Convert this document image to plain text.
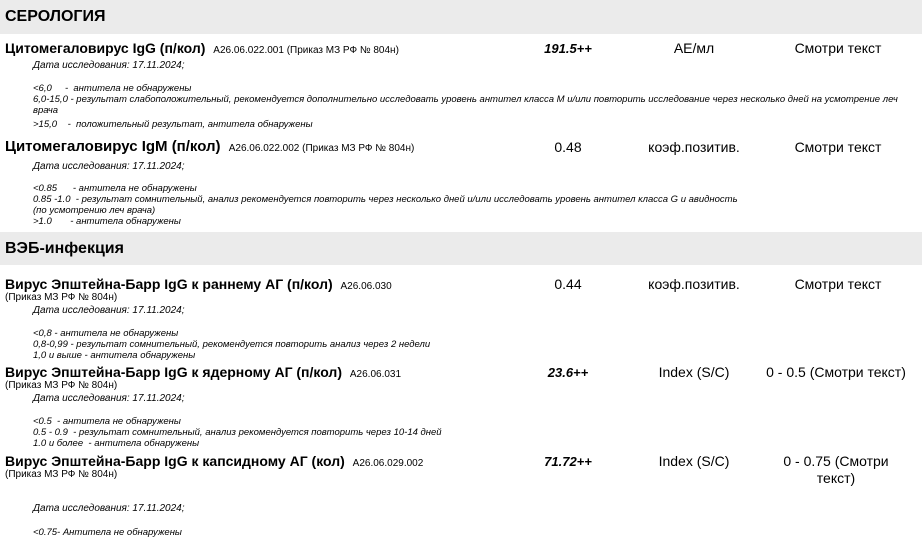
СЕРОЛОГИЯ
Цитомегаловирус IgG (п/кол) A26.06.022.001 (Приказ МЗ РФ № 804н)	191.5++	АЕ/мл	Смотри текст
Дата исследования: 17.11.2024;
<6,0     -  антитела не обнаружены
6,0-15,0 - результат слабоположительный, рекомендуется дополнительно исследовать уровень антител класса М и/или повторить исследование через несколько дней на усмотрение леч врача
>15,0    -  положительный результат, антитела обнаружены
Цитомегаловирус IgM (п/кол) A26.06.022.002 (Приказ МЗ РФ № 804н)	0.48	коэф.позитив.	Смотри текст
Дата исследования: 17.11.2024;
<0.85      - антитела не обнаружены
0.85 -1.0  - результат сомнительный, анализ рекомендуется повторить через несколько дней и/или исследовать уровень антител класса G и авидность
(по усмотрению леч врача)
>1.0       - антитела обнаружены
ВЭБ-инфекция
Вирус Эпштейна-Барр IgG к раннему АГ (п/кол) A26.06.030
(Приказ МЗ РФ № 804н)
0.44	коэф.позитив.	Смотри текст
Дата исследования: 17.11.2024;
<0,8 - антитела не обнаружены
0,8-0,99 - результат сомнительный, рекомендуется повторить анализ через 2 недели
1,0 и выше - антитела обнаружены
Вирус Эпштейна-Барр IgG к ядерному АГ (п/кол) A26.06.031
(Приказ МЗ РФ № 804н)
23.6++	Index (S/C)	0 - 0.5 (Смотри текст)
Дата исследования: 17.11.2024;
<0.5  - антитела не обнаружены
0.5 - 0.9  - результат сомнительный, анализ рекомендуется повторить через 10-14 дней
1.0 и более  - антитела обнаружены
Вирус Эпштейна-Барр IgG к капсидному АГ (кол) A26.06.029.002
(Приказ МЗ РФ № 804н)
71.72++	Index (S/C)	0 - 0.75 (Смотри
текст)
Дата исследования: 17.11.2024;
<0.75- Антитела не обнаружены
